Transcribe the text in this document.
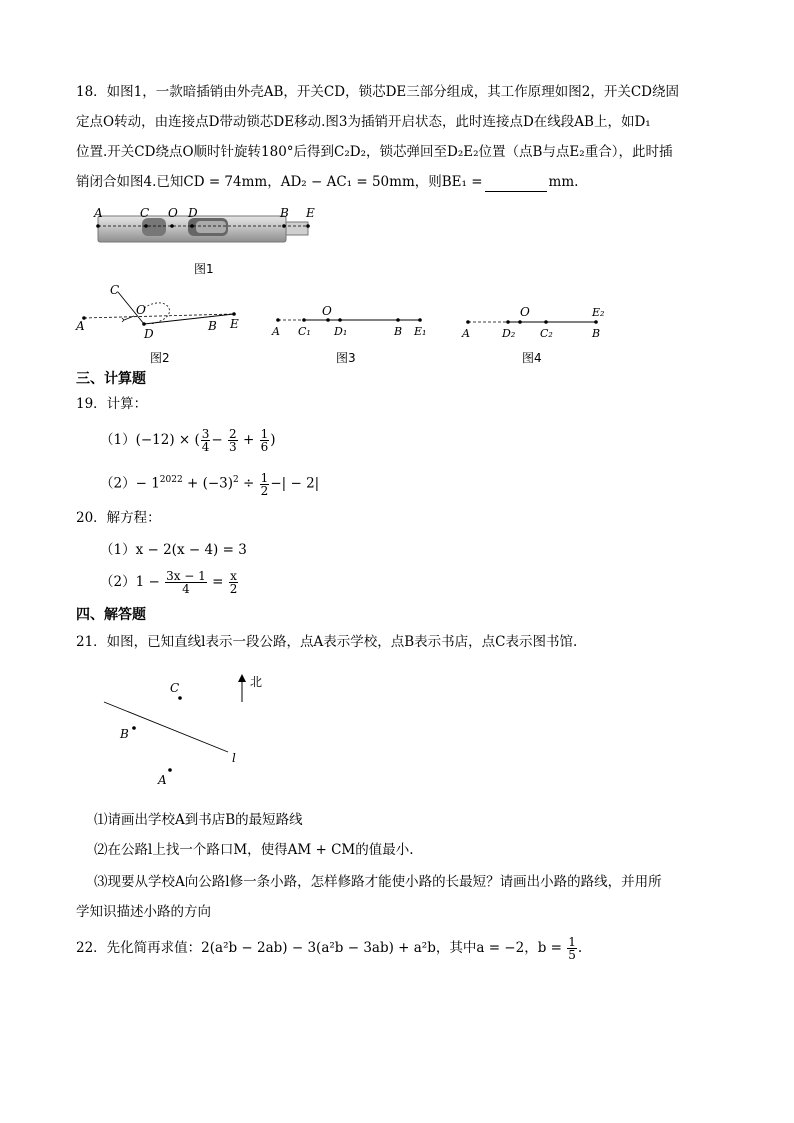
18．如图1，一款暗插销由外壳AB，开关CD，锁芯DE三部分组成，其工作原理如图2，开关CD绕固
定点O转动，由连接点D带动锁芯DE移动.图3为插销开启状态，此时连接点D在线段AB上，如D₁
位置.开关CD绕点O顺时针旋转180°后得到C₂D₂，锁芯弹回至D₂E₂位置（点B与点E₂重合），此时插
销闭合如图4.已知CD = 74mm，AD₂ − AC₁ = 50mm，则BE₁ =	mm.
A	C O D	B E
图1
C
O
A
D
B E
图2
O
A C₁ D₁	B E₁
图3
O	E₂
A	D₂ C₂	B
图4
三、计算题
19．计算：
（1）(−12) × ( $\frac{3}{4} - \frac{2}{3} + \frac{1}{6}$ )
$(2)- 1^{2022} + (-3)^2 \div \frac{1}{2}$ −| − 2|
20．解方程：
（1）x − 2(x − 4) = 3
$(2)1 - \frac{3x - 1}{4} = \frac{x}{2}$
四、解答题
21．如图，已知直线l表示一段公路，点A表示学校，点B表示书店，点C表示图书馆.
C
B
A
l
北
⑴请画出学校A到书店B的最短路线
⑵在公路l上找一个路口M，使得AM + CM的值最小.
⑶现要从学校A向公路l修一条小路，怎样修路才能使小路的长最短？请画出小路的路线，并用所
学知识描述小路的方向
22．先化简再求值：2(a²b − 2ab) − 3(a²b − 3ab) + a²b，其中a = −2，$b = \frac{1}{5}$ .
